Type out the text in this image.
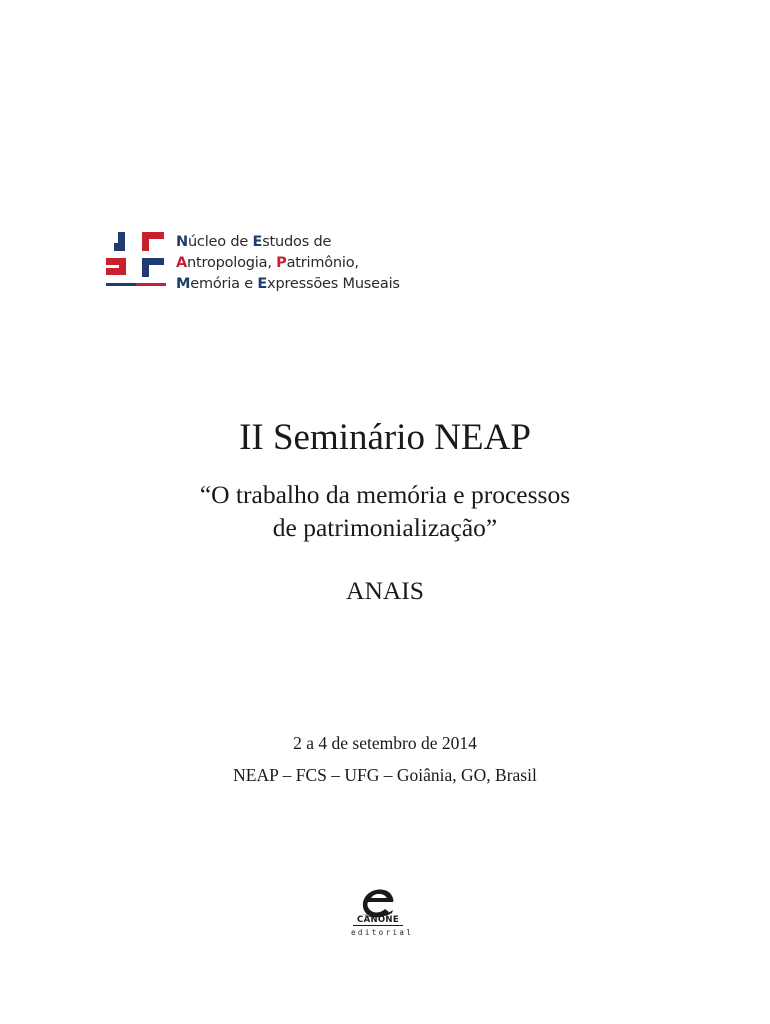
Núcleo de Estudos de
Antropologia, Patrimônio,
Memória e Expressões Museais
II Seminário NEAP
“O trabalho da memória e processos
de patrimonialização”
ANAIS
2 a 4 de setembro de 2014
NEAP – FCS – UFG – Goiânia, GO, Brasil
CÂNONE
editorial
